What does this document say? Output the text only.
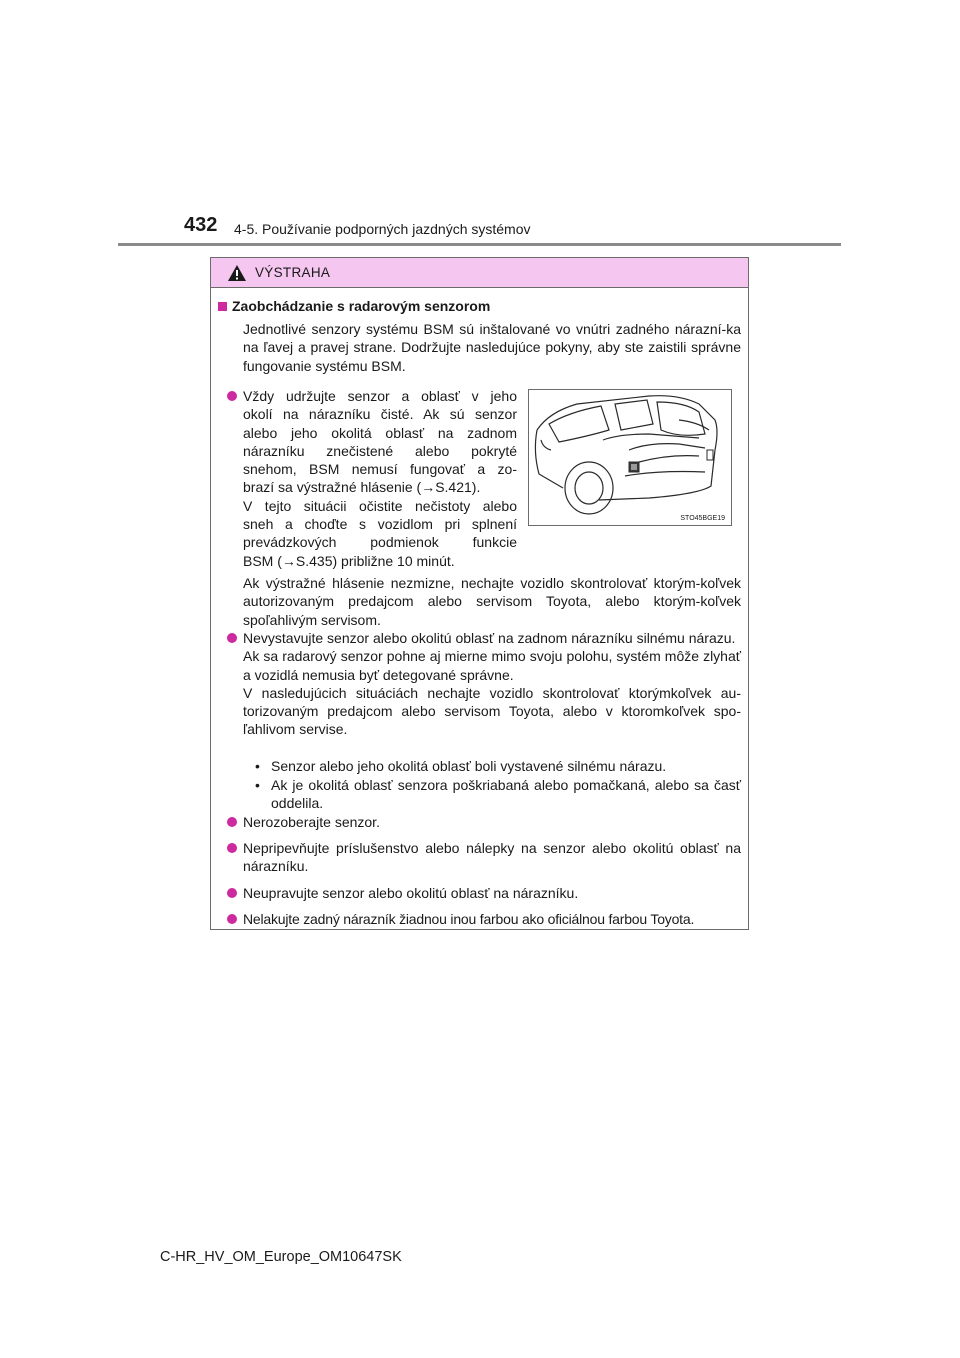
432 4-5. Používanie podporných jazdných systémov
VÝSTRAHA
Zaobchádzanie s radarovým senzorom
Jednotlivé senzory systému BSM sú inštalované vo vnútri zadného nárazní-ka na ľavej a pravej strane. Dodržujte nasledujúce pokyny, aby ste zaistili správne fungovanie systému BSM.
Vždy udržujte senzor a oblasť v jeho
okolí na nárazníku čisté. Ak sú senzor
alebo jeho okolitá oblasť na zadnom
nárazníku znečistené alebo pokryté
snehom, BSM nemusí fungovať a zo-
brazí sa výstražné hlásenie (→S.421).
V tejto situácii očistite nečistoty alebo
sneh a choďte s vozidlom pri splnení
prevádzkových podmienok funkcie
BSM (→S.435) približne 10 minút.
STO45BGE19
Ak výstražné hlásenie nezmizne, nechajte vozidlo skontrolovať ktorým-koľvek autorizovaným predajcom alebo servisom Toyota, alebo ktorým-koľvek spoľahlivým servisom.
Nevystavujte senzor alebo okolitú oblasť na zadnom nárazníku silnému nárazu.
Ak sa radarový senzor pohne aj mierne mimo svoju polohu, systém môže zlyhať a vozidlá nemusia byť detegované správne.
V nasledujúcich situáciách nechajte vozidlo skontrolovať ktorýmkoľvek au-torizovaným predajcom alebo servisom Toyota, alebo v ktoromkoľvek spo-ľahlivom servise.
• Senzor alebo jeho okolitá oblasť boli vystavené silnému nárazu.
• Ak je okolitá oblasť senzora poškriabaná alebo pomačkaná, alebo sa časť oddelila.
Nerozoberajte senzor.
Nepripevňujte príslušenstvo alebo nálepky na senzor alebo okolitú oblasť na nárazníku.
Neupravujte senzor alebo okolitú oblasť na nárazníku.
Nelakujte zadný nárazník žiadnou inou farbou ako oficiálnou farbou Toyota.
C-HR_HV_OM_Europe_OM10647SK
